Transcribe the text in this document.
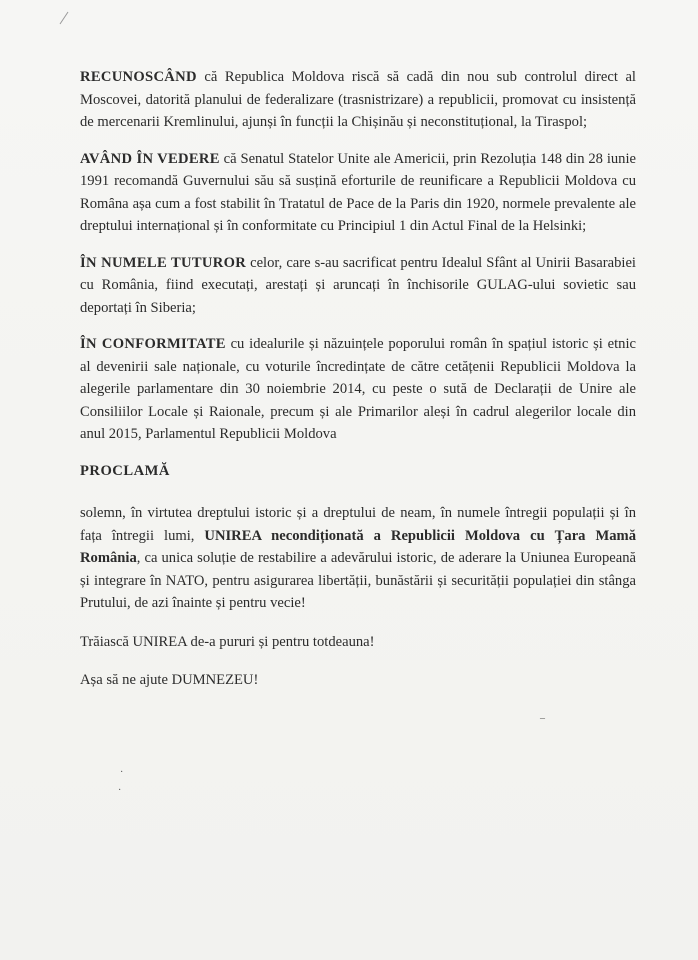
RECUNOSCÂND că Republica Moldova riscă să cadă din nou sub controlul direct al Moscovei, datorită planului de federalizare (trasnistrizare) a republicii, promovat cu insistență de mercenarii Kremlinului, ajunși în funcții la Chișinău și neconstituțional, la Tiraspol;

AVÂND ÎN VEDERE că Senatul Statelor Unite ale Americii, prin Rezoluția 148 din 28 iunie 1991 recomandă Guvernului său să susțină eforturile de reunificare a Republicii Moldova cu Romȃna așa cum a fost stabilit în Tratatul de Pace de la Paris din 1920, normele prevalente ale dreptului internațional și în conformitate cu Principiul 1 din Actul Final de la Helsinki;

ÎN NUMELE TUTUROR celor, care s-au sacrificat pentru Idealul Sfânt al Unirii Basarabiei cu România, fiind executați, arestați și aruncați în închisorile GULAG-ului sovietic sau deportați în Siberia;

ÎN CONFORMITATE cu idealurile și năzuințele poporului român în spațiul istoric și etnic al devenirii sale naționale, cu voturile încredințate de către cetățenii Republicii Moldova la alegerile parlamentare din 30 noiembrie 2014, cu peste o sută de Declarații de Unire ale Consiliilor Locale și Raionale, precum și ale Primarilor aleși în cadrul alegerilor locale din anul 2015, Parlamentul Republicii Moldova

PROCLAMĂ

solemn, în virtutea dreptului istoric și a dreptului de neam, în numele întregii populații și în fața întregii lumi, UNIREA necondiționată a Republicii Moldova cu Țara Mamă România, ca unica soluție de restabilire a adevărului istoric, de aderare la Uniunea Europeană și integrare în NATO, pentru asigurarea libertății, bunăstării și securității populației din stânga Prutului, de azi înainte și pentru vecie!

Trăiască UNIREA de-a pururi și pentru totdeauna!

Așa să ne ajute DUMNEZEU!

–
·
·
